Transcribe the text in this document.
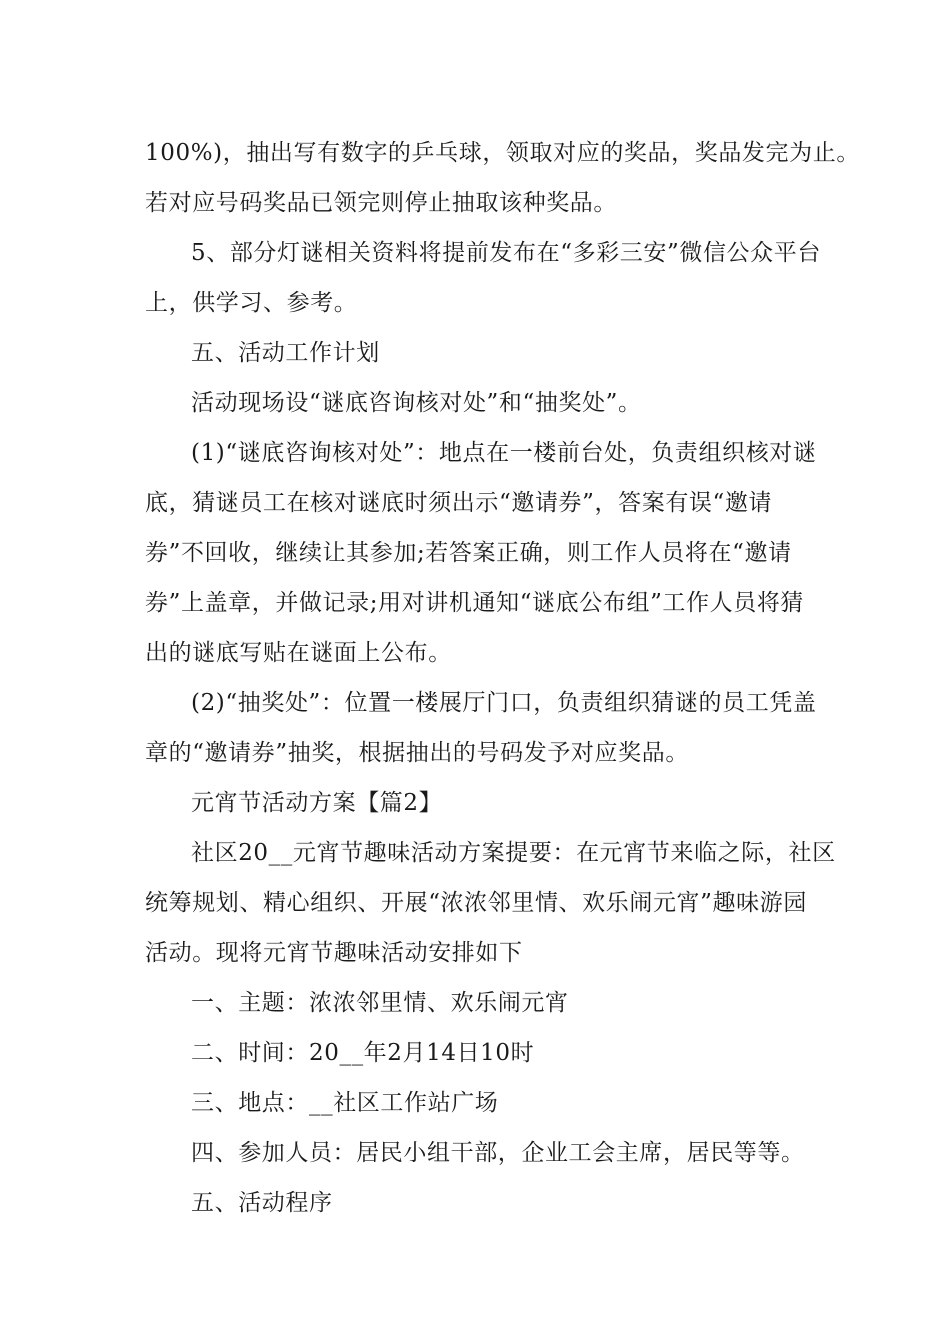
100%)，抽出写有数字的乒乓球，领取对应的奖品，奖品发完为止。
若对应号码奖品已领完则停止抽取该种奖品。
5、部分灯谜相关资料将提前发布在“多彩三安”微信公众平台
上，供学习、参考。
五、活动工作计划
活动现场设“谜底咨询核对处”和“抽奖处”。
(1)“谜底咨询核对处”：地点在一楼前台处，负责组织核对谜
底，猜谜员工在核对谜底时须出示“邀请券”，答案有误“邀请
券”不回收，继续让其参加;若答案正确，则工作人员将在“邀请
券”上盖章，并做记录;用对讲机通知“谜底公布组”工作人员将猜
出的谜底写贴在谜面上公布。
(2)“抽奖处”：位置一楼展厅门口，负责组织猜谜的员工凭盖
章的“邀请券”抽奖，根据抽出的号码发予对应奖品。
元宵节活动方案【篇2】
社区20__元宵节趣味活动方案提要：在元宵节来临之际，社区
统筹规划、精心组织、开展“浓浓邻里情、欢乐闹元宵”趣味游园
活动。现将元宵节趣味活动安排如下
一、主题：浓浓邻里情、欢乐闹元宵
二、时间：20__年2月14日10时
三、地点：__社区工作站广场
四、参加人员：居民小组干部，企业工会主席，居民等等。
五、活动程序
